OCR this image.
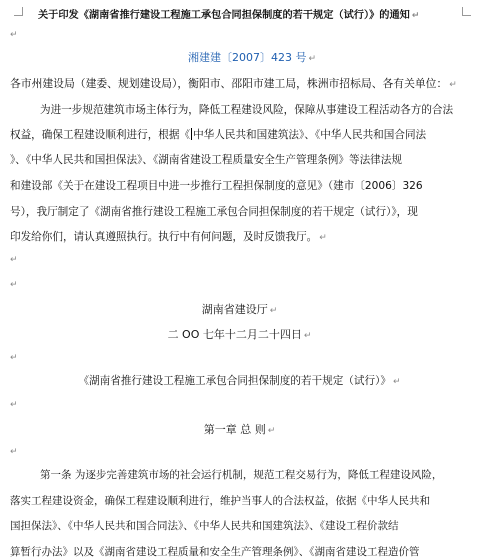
关于印发《湖南省推行建设工程施工承包合同担保制度的若干规定（试行）》的通知 ↵
↵
湘建建〔2007〕423 号 ↵
各市州建设局（建委、规划建设局），衡阳市、邵阳市建工局，株洲市招标局、各有关单位： ↵
为进一步规范建筑市场主体行为，降低工程建设风险，保障从事建设工程活动各方的合法
权益，确保工程建设顺利进行，根据《 中华人民共和国建筑法》、《中华人民共和国合同法
》、《中华人民共和国担保法》、《湖南省建设工程质量安全生产管理条例》等法律法规
和建设部《关于在建设工程项目中进一步推行工程担保制度的意见》（建市〔2006〕326
号），我厅制定了《湖南省推行建设工程施工承包合同担保制度的若干规定（试行）》，现
印发给你们，请认真遵照执行。执行中有何问题，及时反馈我厅。 ↵
↵
↵
湖南省建设厅 ↵
二 OO 七年十二月二十四日 ↵
↵
《湖南省推行建设工程施工承包合同担保制度的若干规定（试行）》 ↵
↵
第一章 总 则 ↵
↵
第一条 为逐步完善建筑市场的社会运行机制，规范工程交易行为，降低工程建设风险，
落实工程建设资金，确保工程建设顺利进行，维护当事人的合法权益，依据《中华人民共和
国担保法》、《中华人民共和国合同法》、《中华人民共和国建筑法》、《建设工程价款结
算暂行办法》以及《湖南省建设工程质量和安全生产管理条例》、《湖南省建设工程造价管
